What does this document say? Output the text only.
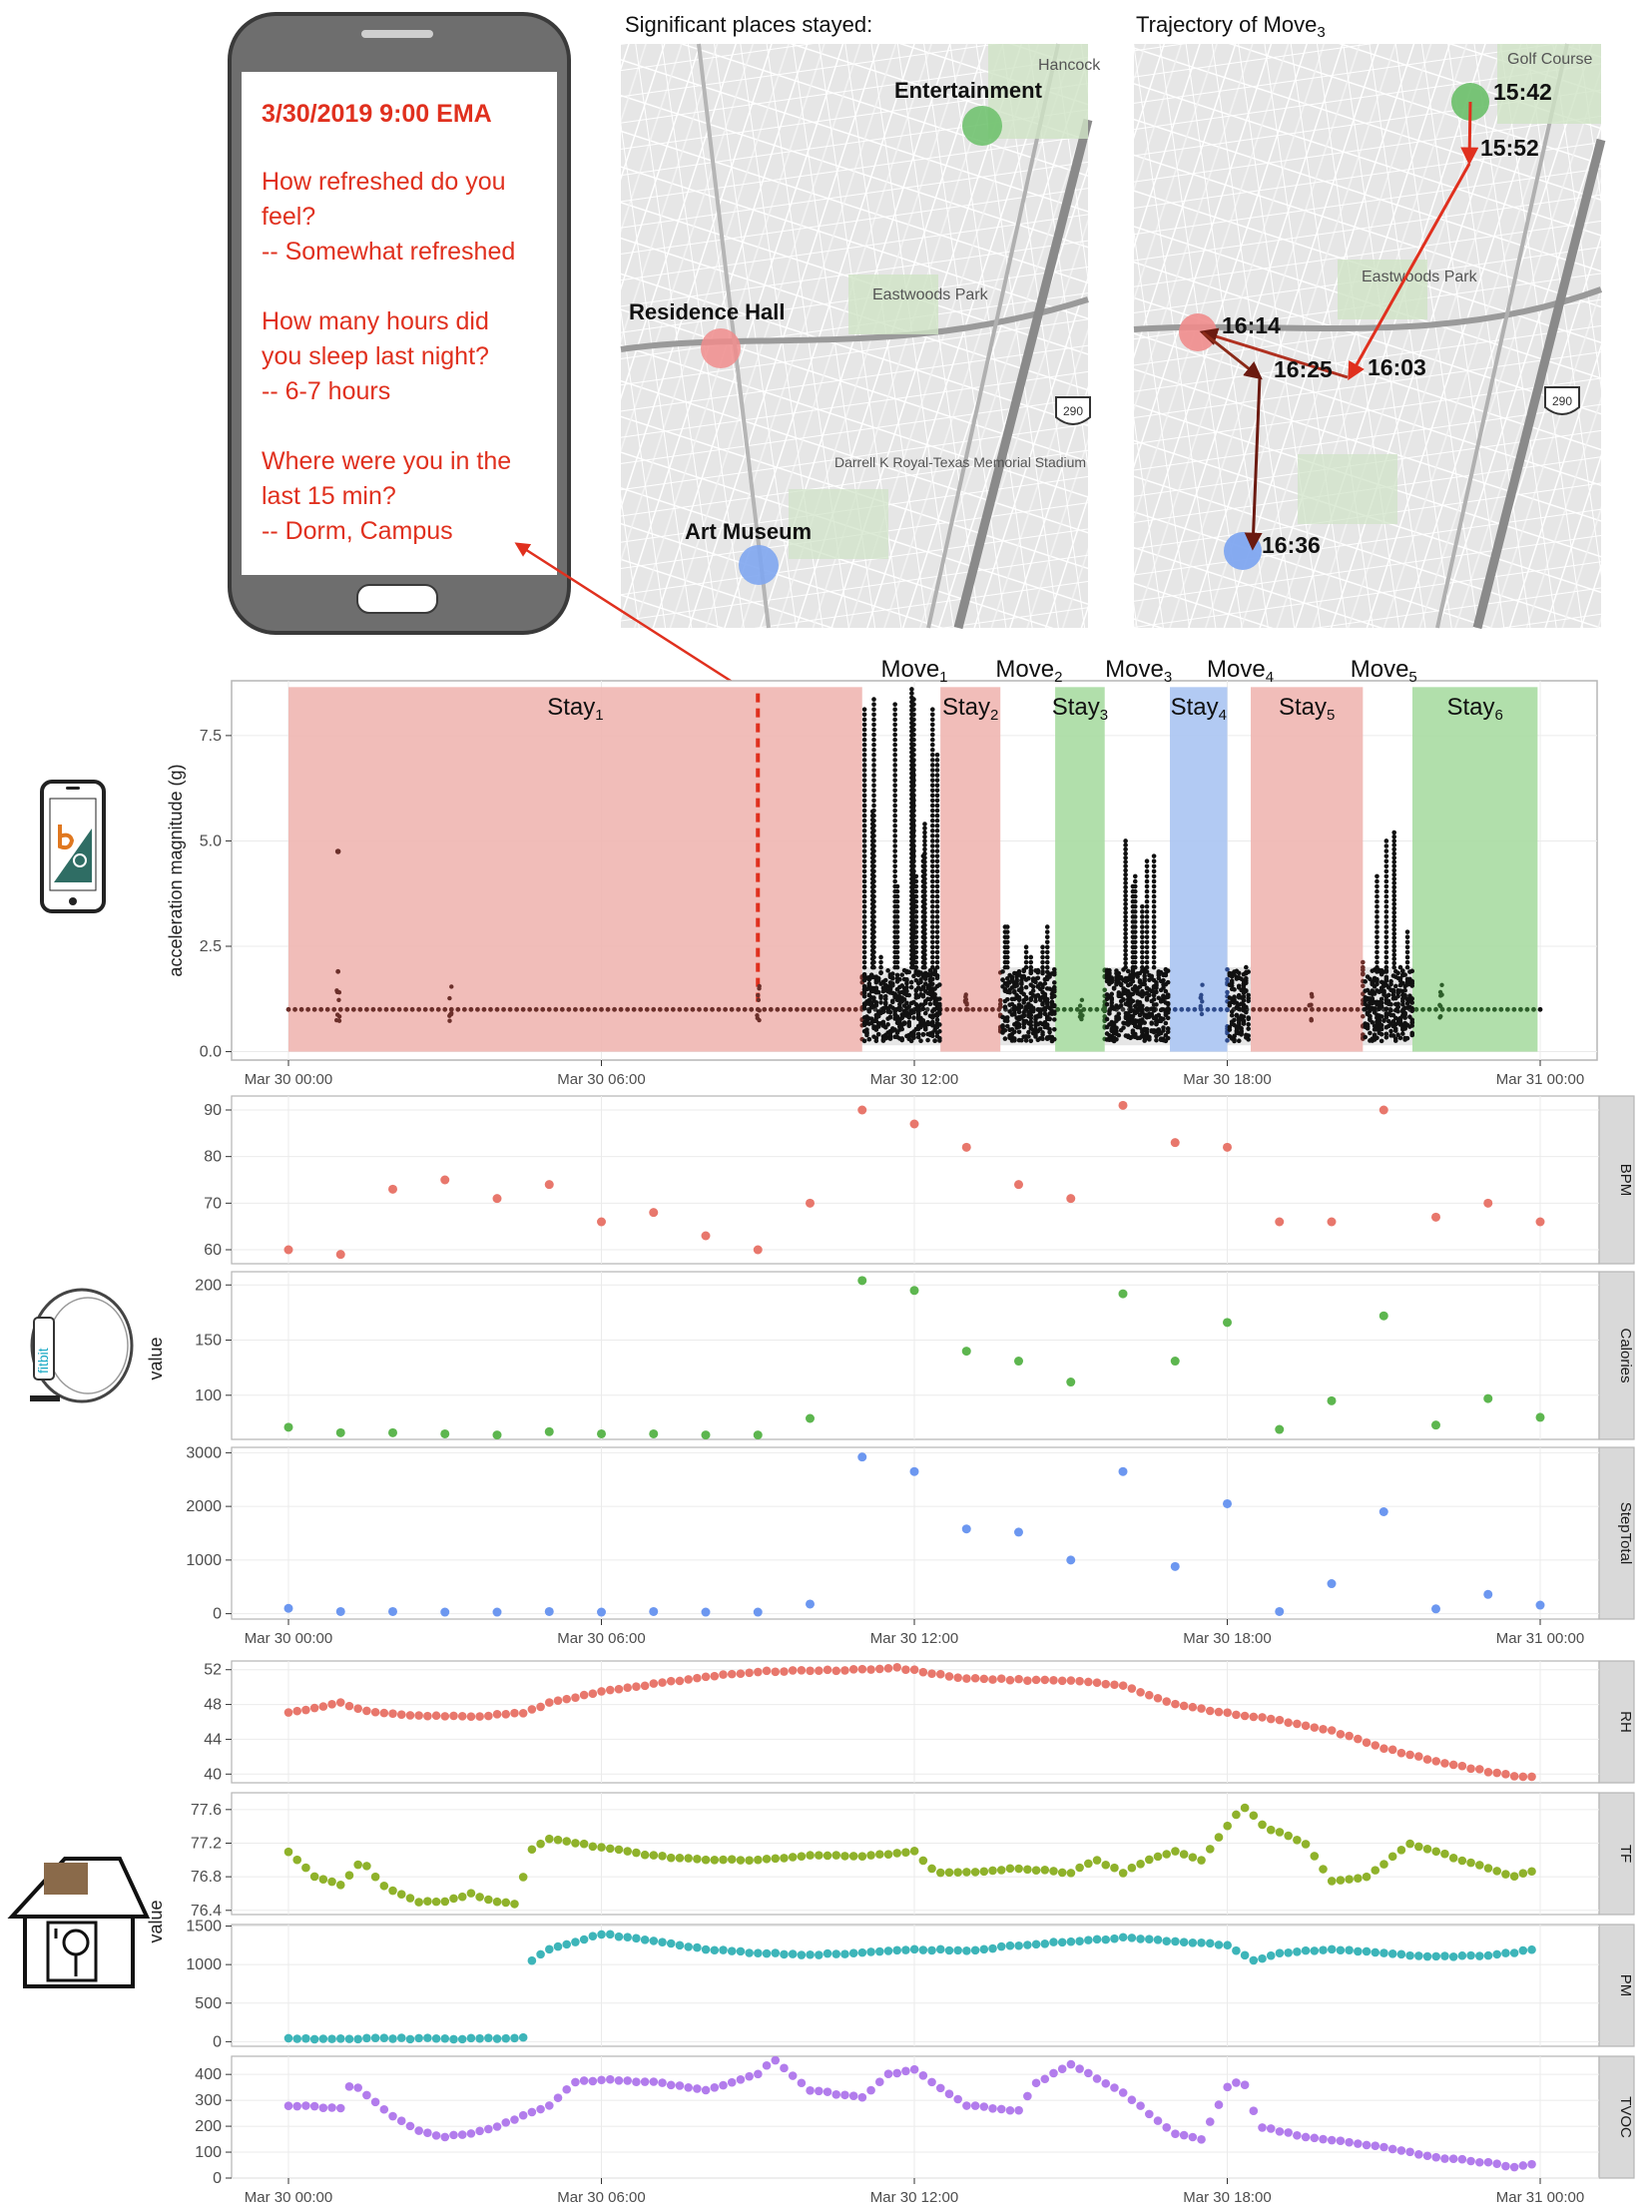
3/30/2019 9:00 EMA
How refreshed do you
feel?
-- Somewhat refreshed
How many hours did
you sleep last night?
-- 6-7 hours
Where were you in the
last 15 min?
-- Dorm, Campus
Hancock
Eastwoods Park
Darrell K Royal-Texas Memorial Stadium
290
Entertainment
Residence Hall
Art Museum
Significant places stayed:
Golf Course
Eastwoods Park
290
15:42
15:52
16:14
16:25 16:03
16:36
Trajectory of Move$_3$
fitbit
Stay$_1$	Stay$_2$ Stay$_3$	Stay$_4$ Stay$_5$	Stay$_6$
Move$_1$ Move$_2$ Move$_3$ Move$_4$	Move$_5$
0.0
2.5
5.0
7.5
Mar 30 00:00	Mar 30 06:00	Mar 30 12:00	Mar 30 18:00	Mar 31 00:00
acceleration magnitude (g)
BPM
60
70
80
90
Calories
100
150
200
StepTotal
0
1000
2000
3000
Mar 30 00:00	Mar 30 06:00	Mar 30 12:00	Mar 30 18:00	Mar 31 00:00
value
RH
40
44
48
52
TF
76.4
76.8
77.2
77.6
PM
0
500
1000
1500
TVOC
0
100
200
300
400
Mar 30 00:00	Mar 30 06:00	Mar 30 12:00	Mar 30 18:00	Mar 31 00:00
value
